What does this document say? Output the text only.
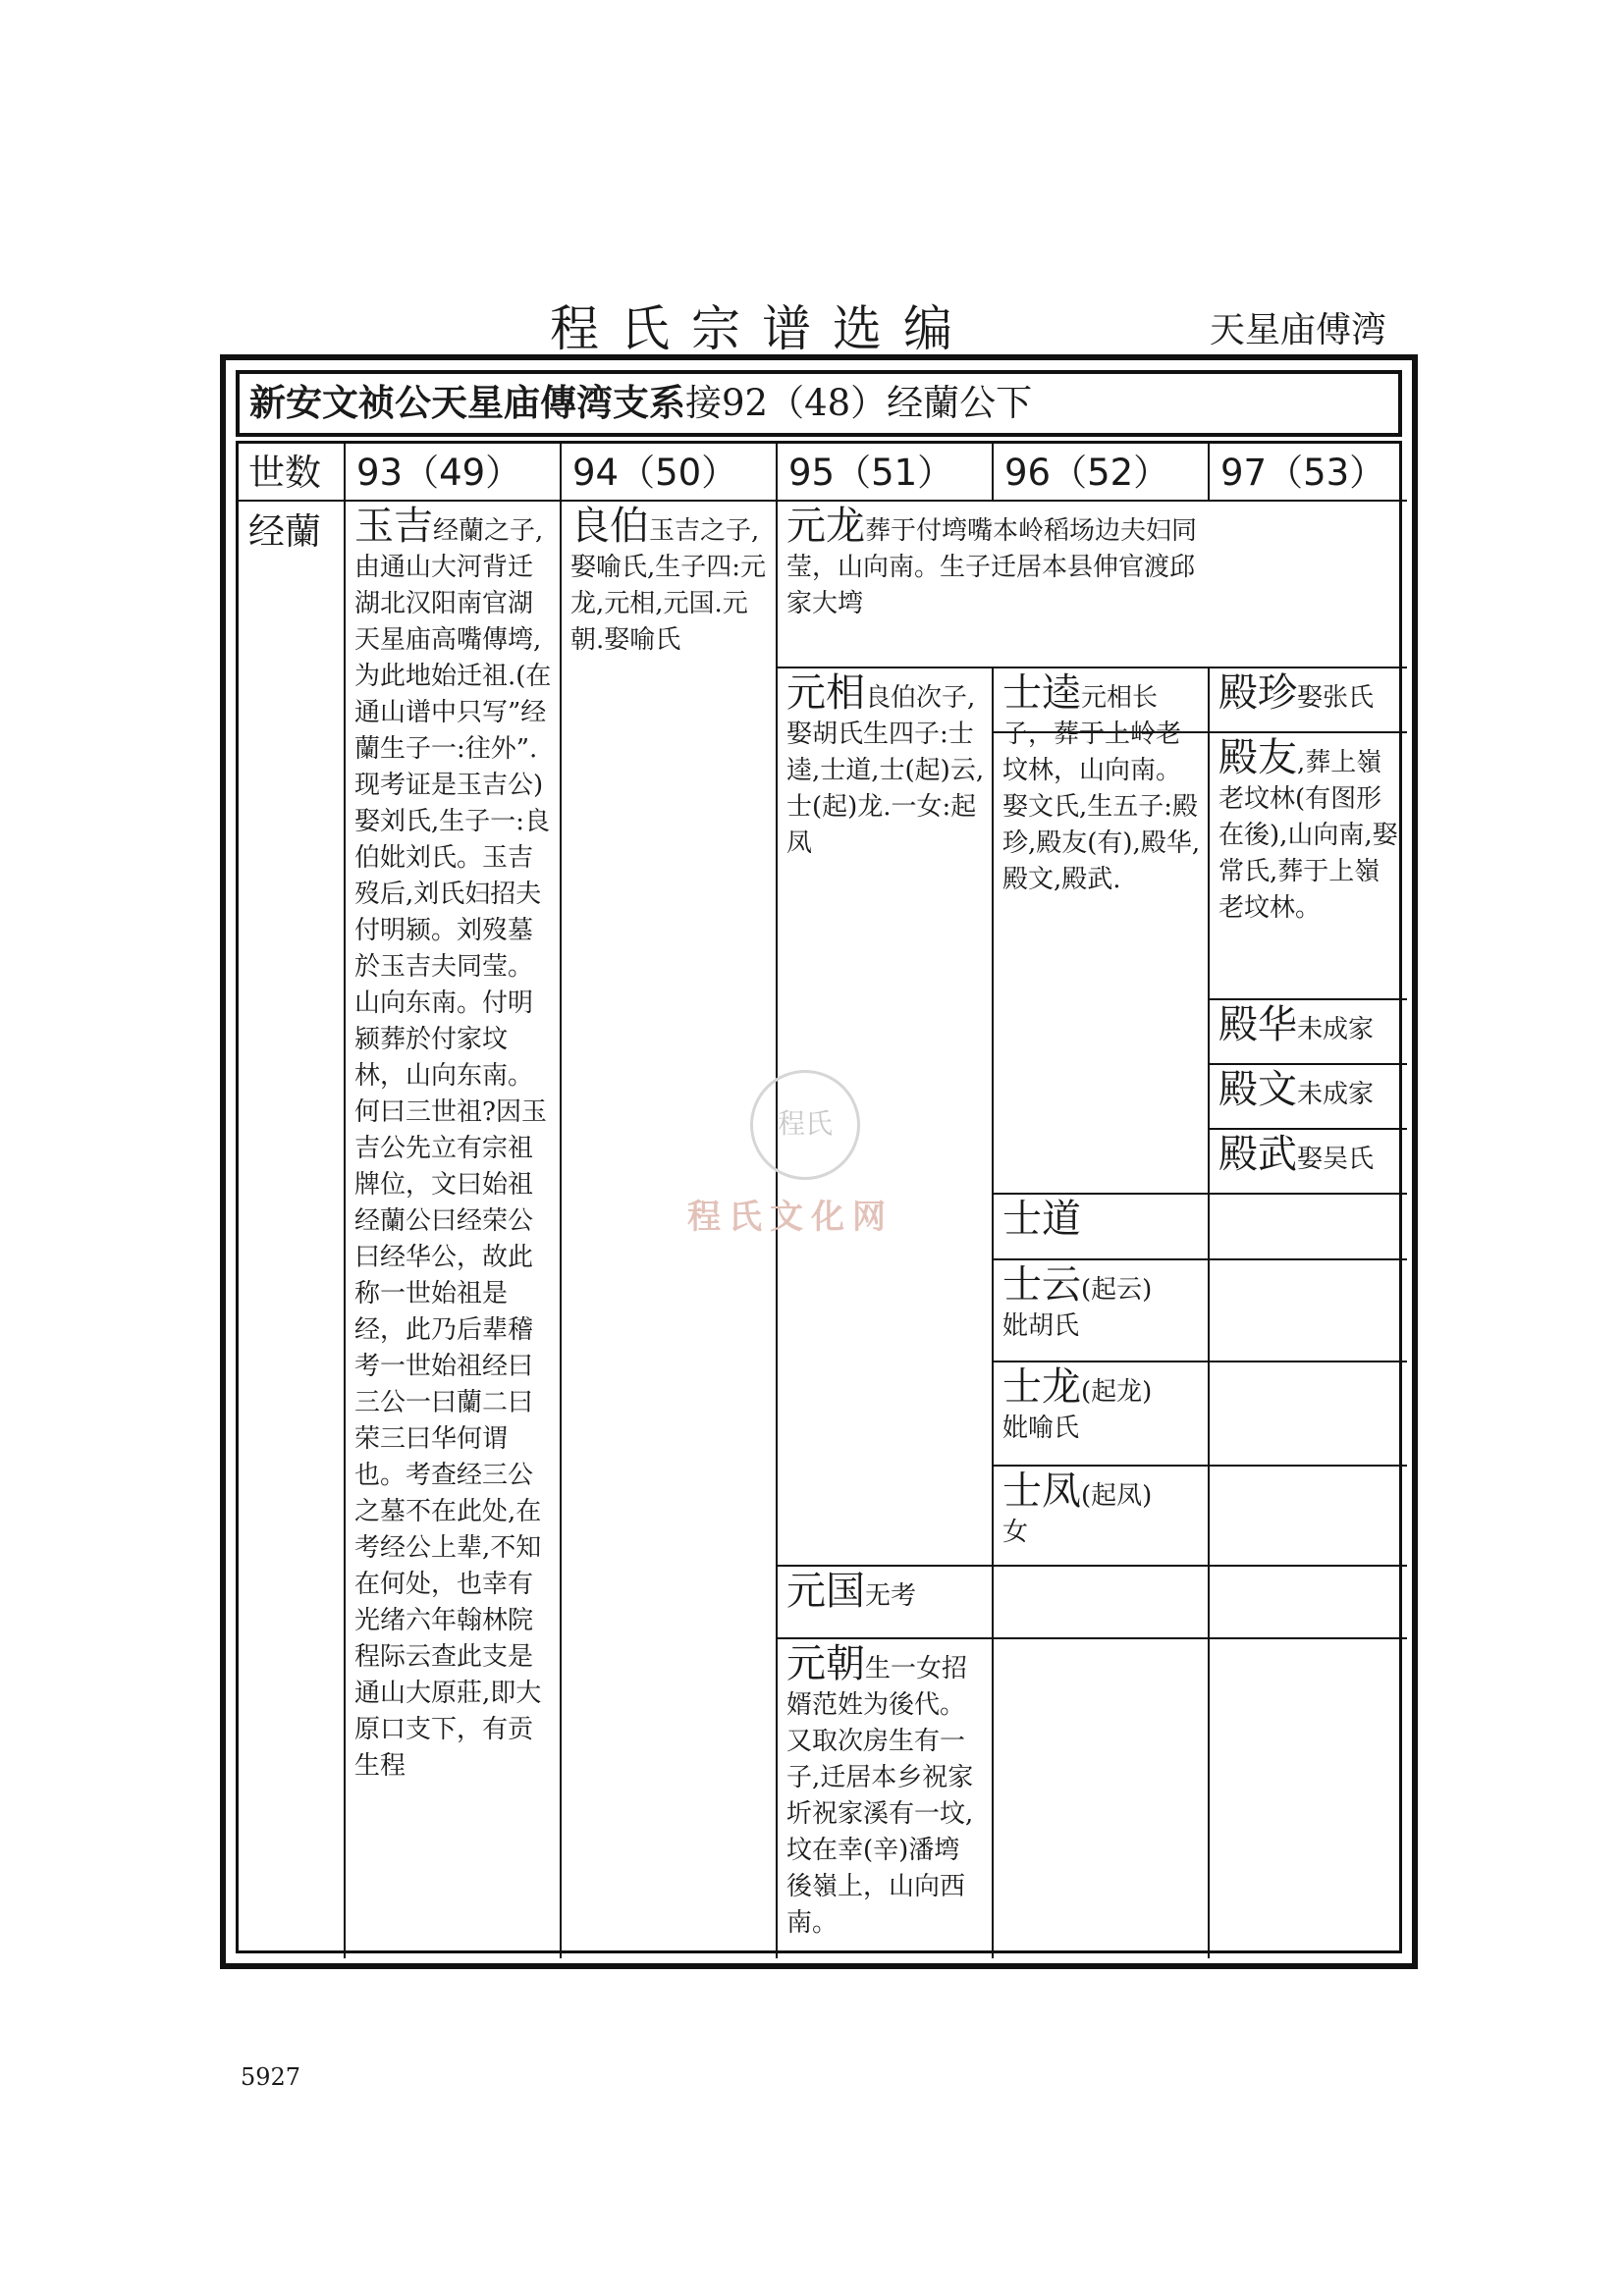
程氏宗谱选编	天星庙傅湾
新安文祯公天星庙傳湾支系接92（48）经蘭公下
世数 93（49） 94（50） 95（51） 96（52） 97（53）
经蘭 玉吉经蘭之子,由通山大河背迁湖北汉阳南官湖天星庙高嘴傳塆,为此地始迁祖.(在通山谱中只写”经蘭生子一:往外”.现考证是玉吉公)娶刘氏,生子一:良伯妣刘氏。玉吉歿后,刘氏妇招夫付明颍。刘歿墓於玉吉夫同莹。山向东南。付明颍葬於付家坟林，山向东南。何曰三世祖?因玉吉公先立有宗祖牌位，文曰始祖经蘭公曰经荣公曰经华公，故此称一世始祖是经，此乃后辈稽考一世始祖经曰三公一曰蘭二曰荣三曰华何谓也。考查经三公之墓不在此处,在考经公上辈,不知在何处，也幸有光绪六年翰林院程际云查此支是通山大原莊,即大原口支下，有贡生程
良伯玉吉之子,娶喻氏,生子四:元龙,元相,元国.元朝.娶喻氏
元龙葬于付塆嘴本岭稻场边夫妇同莹，山向南。生子迁居本县伸官渡邱家大塆
元相良伯次子,娶胡氏生四子:士逵,士道,士(起)云,士(起)龙.一女:起凤
元国无考
元朝生一女招婿范姓为後代。又取次房生有一子,迁居本乡祝家圻祝家溪有一坟,坟在幸(辛)潘塆後嶺上，山向西南。
士逵元相长子，葬于上岭老坟林，山向南。娶文氏,生五子:殿珍,殿友(有),殿华,殿文,殿武.
士道
士云(起云)
妣胡氏
士龙(起龙)
妣喻氏
士凤(起凤)
女
殿珍娶张氏
殿友,葬上嶺老坟林(有图形在後),山向南,娶常氏,葬于上嶺老坟林。
殿华未成家
殿文未成家
殿武娶吴氏
程氏
程氏文化网
5927
